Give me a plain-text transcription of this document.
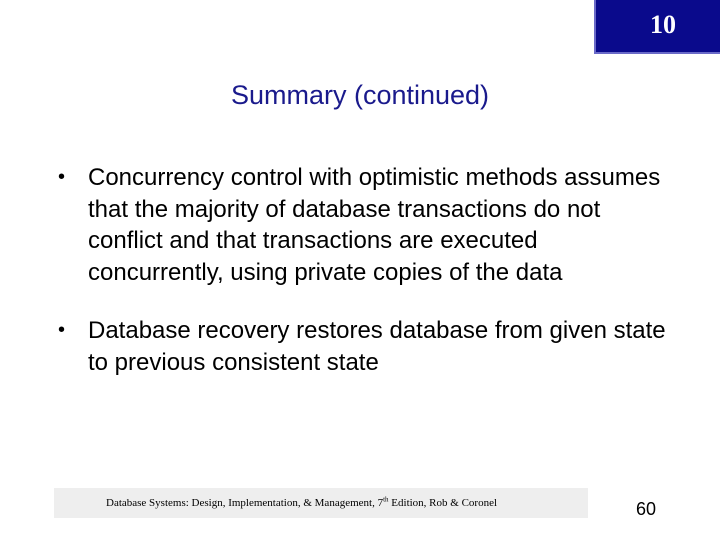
10
Summary (continued)
• Concurrency control with optimistic methods assumes that the majority of database transactions do not conflict and that transactions are executed concurrently, using private copies of the data
• Database recovery restores database from given state to previous consistent state
Database Systems: Design, Implementation, & Management, 7th Edition, Rob & Coronel	60
